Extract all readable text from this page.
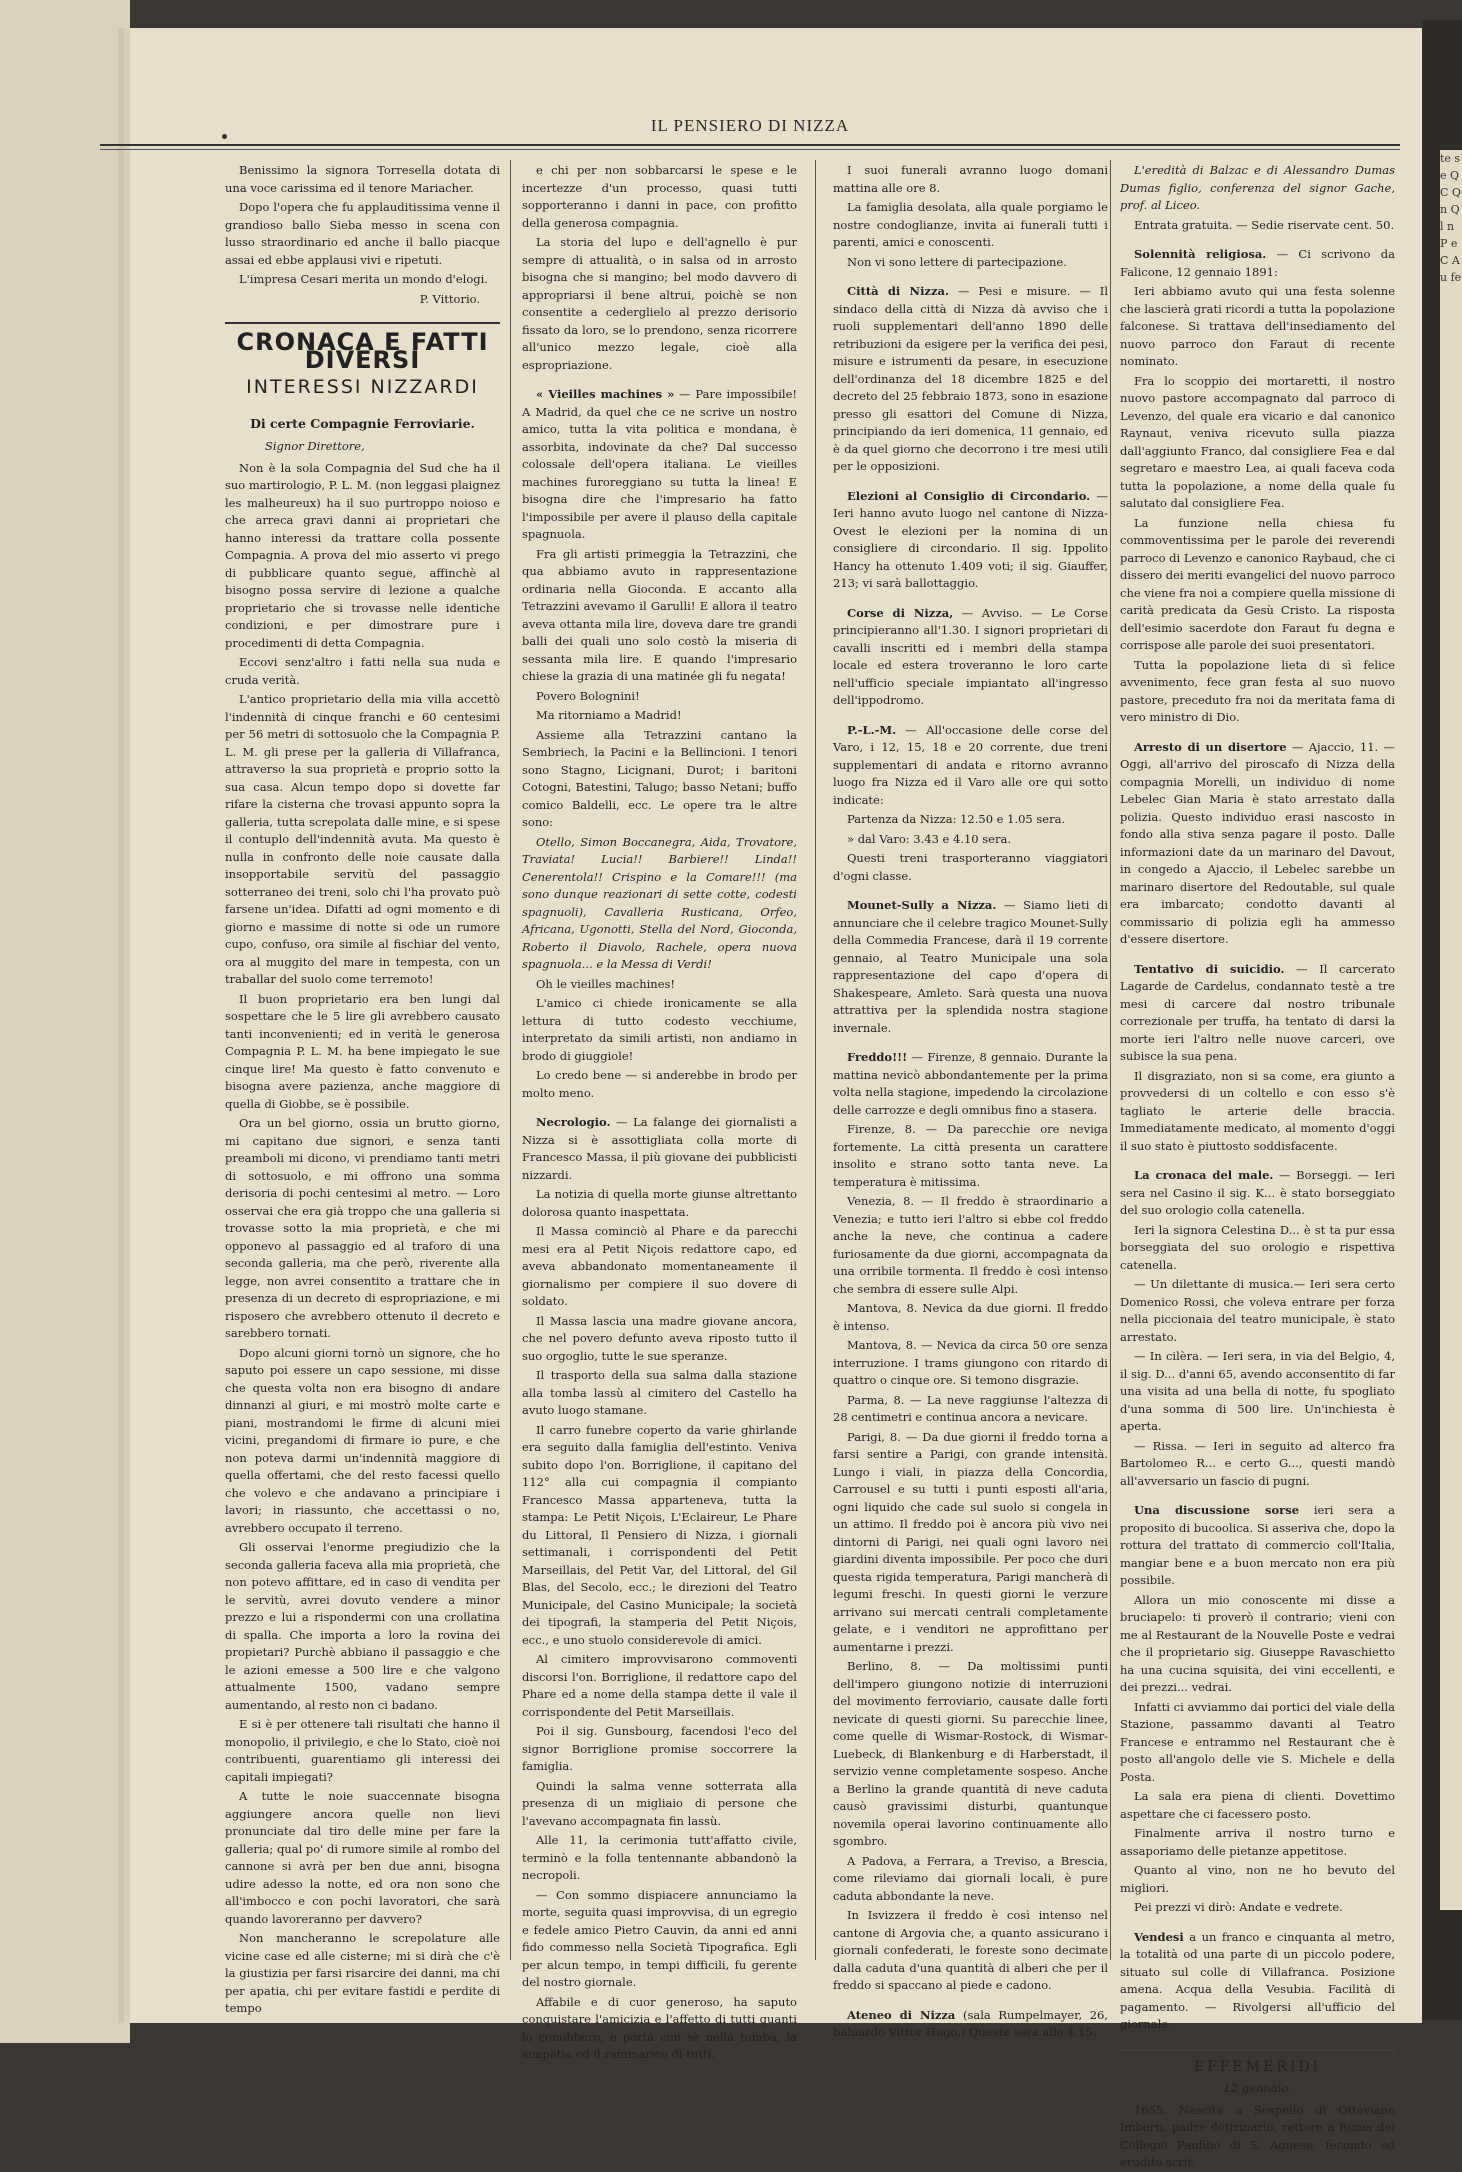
te s e Q C Q n Q l n P e C A u fe
IL PENSIERO DI NIZZA

Benissimo la signora Torresella dotata di una voce carissima ed il tenore Mariacher.

Dopo l'opera che fu applauditissima venne il grandioso ballo Sieba messo in scena con lusso straordinario ed anche il ballo piacque assai ed ebbe applausi vivi e ripetuti.

L'impresa Cesari merita un mondo d'elogi.

P. Vittorio.
CRONACA E FATTI DIVERSI
INTERESSI NIZZARDI
Di certe Compagnie Ferroviarie.
Signor Direttore,

Non è la sola Compagnia del Sud che ha il suo martirologio, P. L. M. (non leggasi plaignez les malheureux) ha il suo purtroppo noioso e che arreca gravi danni ai proprietari che hanno interessi da trattare colla possente Compagnia. A prova del mio asserto vi prego di pubblicare quanto segue, affinchè al bisogno possa servire di lezione a qualche proprietario che si trovasse nelle identiche condizioni, e per dimostrare pure i procedimenti di detta Compagnia.

Eccovi senz'altro i fatti nella sua nuda e cruda verità.

L'antico proprietario della mia villa accettò l'indennità di cinque franchi e 60 centesimi per 56 metri di sottosuolo che la Compagnia P. L. M. gli prese per la galleria di Villafranca, attraverso la sua proprietà e proprio sotto la sua casa. Alcun tempo dopo si dovette far rifare la cisterna che trovasi appunto sopra la galleria, tutta screpolata dalle mine, e si spese il contuplo dell'indennità avuta. Ma questo è nulla in confronto delle noie causate dalla insopportabile servitù del passaggio sotterraneo dei treni, solo chi l'ha provato può farsene un'idea. Difatti ad ogni momento e di giorno e massime di notte si ode un rumore cupo, confuso, ora simile al fischiar del vento, ora al muggito del mare in tempesta, con un traballar del suolo come terremoto!

Il buon proprietario era ben lungi dal sospettare che le 5 lire gli avrebbero causato tanti inconvenienti; ed in verità le generosa Compagnia P. L. M. ha bene impiegato le sue cinque lire! Ma questo è fatto convenuto e bisogna avere pazienza, anche maggiore di quella di Giobbe, se è possibile.

Ora un bel giorno, ossia un brutto giorno, mi capitano due signori, e senza tanti preamboli mi dicono, vi prendiamo tanti metri di sottosuolo, e mi offrono una somma derisoria di pochi centesimi al metro. — Loro osservai che era già troppo che una galleria si trovasse sotto la mia proprietà, e che mi opponevo al passaggio ed al traforo di una seconda galleria, ma che però, riverente alla legge, non avrei consentito a trattare che in presenza di un decreto di espropriazione, e mi risposero che avrebbero ottenuto il decreto e sarebbero tornati.

Dopo alcuni giorni tornò un signore, che ho saputo poi essere un capo sessione, mi disse che questa volta non era bisogno di andare dinnanzi al giuri, e mi mostrò molte carte e piani, mostrandomi le firme di alcuni miei vicini, pregandomi di firmare io pure, e che non poteva darmi un'indennità maggiore di quella offertami, che del resto facessi quello che volevo e che andavano a principiare i lavori; in riassunto, che accettassi o no, avrebbero occupato il terreno.

Gli osservai l'enorme pregiudizio che la seconda galleria faceva alla mia proprietà, che non potevo affittare, ed in caso di vendita per le servitù, avrei dovuto vendere a minor prezzo e lui a rispondermi con una crollatina di spalla. Che importa a loro la rovina dei propietari? Purchè abbiano il passaggio e che le azioni emesse a 500 lire e che valgono attualmente 1500, vadano sempre aumentando, al resto non ci badano.

E si è per ottenere tali risultati che hanno il monopolio, il privilegio, e che lo Stato, cioè noi contribuenti, guarentiamo gli interessi dei capitali impiegati?

A tutte le noie suaccennate bisogna aggiungere ancora quelle non lievi pronunciate dal tiro delle mine per fare la galleria; qual po' di rumore simile al rombo del cannone si avrà per ben due anni, bisogna udire adesso la notte, ed ora non sono che all'imbocco e con pochi lavoratori, che sarà quando lavoreranno per davvero?

Non mancheranno le screpolature alle vicine case ed alle cisterne; mi si dirà che c'è la giustizia per farsi risarcire dei danni, ma chi per apatia, chi per evitare fastidi e perdite di tempo

e chi per non sobbarcarsi le spese e le incertezze d'un processo, quasi tutti sopporteranno i danni in pace, con profitto della generosa compagnia.

La storia del lupo e dell'agnello è pur sempre di attualità, o in salsa od in arrosto bisogna che si mangino; bel modo davvero di appropriarsi il bene altrui, poichè se non consentite a cederglielo al prezzo derisorio fissato da loro, se lo prendono, senza ricorrere all'unico mezzo legale, cioè alla espropriazione.

« Vieilles machines » — Pare impossibile! A Madrid, da quel che ce ne scrive un nostro amico, tutta la vita politica e mondana, è assorbita, indovinate da che? Dal successo colossale dell'opera italiana. Le vieilles machines furoreggiano su tutta la linea! E bisogna dire che l'impresario ha fatto l'impossibile per avere il plauso della capitale spagnuola.

Fra gli artisti primeggia la Tetrazzini, che qua abbiamo avuto in rappresentazione ordinaria nella Gioconda. E accanto alla Tetrazzini avevamo il Garulli! E allora il teatro aveva ottanta mila lire, doveva dare tre grandi balli dei quali uno solo costò la miseria di sessanta mila lire. E quando l'impresario chiese la grazia di una matinée gli fu negata!

Povero Bolognini!

Ma ritorniamo a Madrid!

Assieme alla Tetrazzini cantano la Sembriech, la Pacini e la Bellincioni. I tenori sono Stagno, Licignani, Durot; i baritoni Cotogni, Batestini, Talugo; basso Netani; buffo comico Baldelli, ecc. Le opere tra le altre sono:

Otello, Simon Boccanegra, Aida, Trovatore, Traviata! Lucia!! Barbiere!! Linda!! Cenerentola!! Crispino e la Comare!!! (ma sono dunque reazionari di sette cotte, codesti spagnuoli), Cavalleria Rusticana, Orfeo, Africana, Ugonotti, Stella del Nord, Gioconda, Roberto il Diavolo, Rachele, opera nuova spagnuola... e la Messa di Verdi!

Oh le vieilles machines!

L'amico ci chiede ironicamente se alla lettura di tutto codesto vecchiume, interpretato da simili artisti, non andiamo in brodo di giuggiole!

Lo credo bene — si anderebbe in brodo per molto meno.

Necrologio. — La falange dei giornalisti a Nizza si è assottigliata colla morte di Francesco Massa, il più giovane dei pubblicisti nizzardi.

La notizia di quella morte giunse altrettanto dolorosa quanto inaspettata.

Il Massa cominciò al Phare e da parecchi mesi era al Petit Niçois redattore capo, ed aveva abbandonato momentaneamente il giornalismo per compiere il suo dovere di soldato.

Il Massa lascia una madre giovane ancora, che nel povero defunto aveva riposto tutto il suo orgoglio, tutte le sue speranze.

Il trasporto della sua salma dalla stazione alla tomba lassù al cimitero del Castello ha avuto luogo stamane.

Il carro funebre coperto da varie ghirlande era seguito dalla famiglia dell'estinto. Veniva subito dopo l'on. Borriglione, il capitano del 112° alla cui compagnia il compianto Francesco Massa apparteneva, tutta la stampa: Le Petit Niçois, L'Eclaireur, Le Phare du Littoral, Il Pensiero di Nizza, i giornali settimanali, i corrispondenti del Petit Marseillais, del Petit Var, del Littoral, del Gil Blas, del Secolo, ecc.; le direzioni del Teatro Municipale, del Casino Municipale; la società dei tipografi, la stamperia del Petit Niçois, ecc., e uno stuolo considerevole di amici.

Al cimitero improvvisarono commoventi discorsi l'on. Borriglione, il redattore capo del Phare ed a nome della stampa dette il vale il corrispondente del Petit Marseillais.

Poi il sig. Gunsbourg, facendosi l'eco del signor Borriglione promise soccorrere la famiglia.

Quindi la salma venne sotterrata alla presenza di un migliaio di persone che l'avevano accompagnata fin lassù.

Alle 11, la cerimonia tutt'affatto civile, terminò e la folla tentennante abbandonò la necropoli.

— Con sommo dispiacere annunciamo la morte, seguita quasi improvvisa, di un egregio e fedele amico Pietro Cauvin, da anni ed anni fido commesso nella Società Tipografica. Egli per alcun tempo, in tempi difficili, fu gerente del nostro giornale.

Affabile e di cuor generoso, ha saputo conquistare l'amicizia e l'affetto di tutti quanti lo conobbero, e porta con sè nella tomba, la simpatia ed il rammarico di tutti.

I suoi funerali avranno luogo domani mattina alle ore 8.

La famiglia desolata, alla quale porgiamo le nostre condoglianze, invita ai funerali tutti i parenti, amici e conoscenti.

Non vi sono lettere di partecipazione.

Città di Nizza. — Pesi e misure. — Il sindaco della città di Nizza dà avviso che i ruoli supplementari dell'anno 1890 delle retribuzioni da esigere per la verifica dei pesi, misure e istrumenti da pesare, in esecuzione dell'ordinanza del 18 dicembre 1825 e del decreto del 25 febbraio 1873, sono in esazione presso gli esattori del Comune di Nizza, principiando da ieri domenica, 11 gennaio, ed è da quel giorno che decorrono i tre mesi utili per le opposizioni.

Elezioni al Consiglio di Circondario. — Ieri hanno avuto luogo nel cantone di Nizza-Ovest le elezioni per la nomina di un consigliere di circondario. Il sig. Ippolito Hancy ha ottenuto 1.409 voti; il sig. Giauffer, 213; vi sarà ballottaggio.

Corse di Nizza, — Avviso. — Le Corse principieranno all'1.30. I signori proprietari di cavalli inscritti ed i membri della stampa locale ed estera troveranno le loro carte nell'ufficio speciale impiantato all'ingresso dell'ippodromo.

P.-L.-M. — All'occasione delle corse del Varo, i 12, 15, 18 e 20 corrente, due treni supplementari di andata e ritorno avranno luogo fra Nizza ed il Varo alle ore qui sotto indicate:

Partenza da Nizza: 12.50 e 1.05 sera.

» dal Varo: 3.43 e 4.10 sera.

Questi treni trasporteranno viaggiatori d'ogni classe.

Mounet-Sully a Nizza. — Siamo lieti di annunciare che il celebre tragico Mounet-Sully della Commedia Francese, darà il 19 corrente gennaio, al Teatro Municipale una sola rappresentazione del capo d'opera di Shakespeare, Amleto. Sarà questa una nuova attrattiva per la splendida nostra stagione invernale.

Freddo!!! — Firenze, 8 gennaio. Durante la mattina nevicò abbondantemente per la prima volta nella stagione, impedendo la circolazione delle carrozze e degli omnibus fino a stasera.

Firenze, 8. — Da parecchie ore neviga fortemente. La città presenta un carattere insolito e strano sotto tanta neve. La temperatura è mitissima.

Venezia, 8. — Il freddo è straordinario a Venezia; e tutto ieri l'altro si ebbe col freddo anche la neve, che continua a cadere furiosamente da due giorni, accompagnata da una orribile tormenta. Il freddo è così intenso che sembra di essere sulle Alpi.

Mantova, 8. Nevica da due giorni. Il freddo è intenso.

Mantova, 8. — Nevica da circa 50 ore senza interruzione. I trams giungono con ritardo di quattro o cinque ore. Si temono disgrazie.

Parma, 8. — La neve raggiunse l'altezza di 28 centimetri e continua ancora a nevicare.

Parigi, 8. — Da due giorni il freddo torna a farsi sentire a Parigi, con grande intensità. Lungo i viali, in piazza della Concordia, Carrousel e su tutti i punti esposti all'aria, ogni liquido che cade sul suolo si congela in un attimo. Il freddo poi è ancora più vivo nei dintorni di Parigi, nei quali ogni lavoro nei giardini diventa impossibile. Per poco che duri questa rigida temperatura, Parigi mancherà di legumi freschi. In questi giorni le verzure arrivano sui mercati centrali completamente gelate, e i venditori ne approfittano per aumentarne i prezzi.

Berlino, 8. — Da moltissimi punti dell'impero giungono notizie di interruzioni del movimento ferroviario, causate dalle forti nevicate di questi giorni. Su parecchie linee, come quelle di Wismar-Rostock, di Wismar-Luebeck, di Blankenburg e di Harberstadt, il servizio venne completamente sospeso. Anche a Berlino la grande quantità di neve caduta causò gravissimi disturbi, quantunque novemila operai lavorino continuamente allo sgombro.

A Padova, a Ferrara, a Treviso, a Brescia, come rileviamo dai giornali locali, è pure caduta abbondante la neve.

In Isvizzera il freddo è così intenso nel cantone di Argovia che, a quanto assicurano i giornali confederati, le foreste sono decimate dalla caduta d'una quantità di alberi che per il freddo si spaccano al piede e cadono.

Ateneo di Nizza (sala Rumpelmayer, 26, baluardo Vittor Hugo.) Questa sera alle 4,15:

L'eredità di Balzac e di Alessandro Dumas Dumas figlio, conferenza del signor Gache, prof. al Liceo.

Entrata gratuita. — Sedie riservate cent. 50.

Solennità religiosa. — Ci scrivono da Falicone, 12 gennaio 1891:

Ieri abbiamo avuto qui una festa solenne che lascierà grati ricordi a tutta la popolazione falconese. Si trattava dell'insediamento del nuovo parroco don Faraut di recente nominato.

Fra lo scoppio dei mortaretti, il nostro nuovo pastore accompagnato dal parroco di Levenzo, del quale era vicario e dal canonico Raynaut, veniva ricevuto sulla piazza dall'aggiunto Franco, dal consigliere Fea e dal segretaro e maestro Lea, ai quali faceva coda tutta la popolazione, a nome della quale fu salutato dal consigliere Fea.

La funzione nella chiesa fu commoventissima per le parole dei reverendi parroco di Levenzo e canonico Raybaud, che ci dissero dei meriti evangelici del nuovo parroco che viene fra noi a compiere quella missione di carità predicata da Gesù Cristo. La risposta dell'esimio sacerdote don Faraut fu degna e corrispose alle parole dei suoi presentatori.

Tutta la popolazione lieta di sì felice avvenimento, fece gran festa al suo nuovo pastore, preceduto fra noi da meritata fama di vero ministro di Dio.

Arresto di un disertore — Ajaccio, 11. — Oggi, all'arrivo del piroscafo di Nizza della compagnia Morelli, un individuo di nome Lebelec Gian Maria è stato arrestato dalla polizia. Questo individuo erasi nascosto in fondo alla stiva senza pagare il posto. Dalle informazioni date da un marinaro del Davout, in congedo a Ajaccio, il Lebelec sarebbe un marinaro disertore del Redoutable, sul quale era imbarcato; condotto davanti al commissario di polizia egli ha ammesso d'essere disertore.

Tentativo di suicidio. — Il carcerato Lagarde de Cardelus, condannato testè a tre mesi di carcere dal nostro tribunale correzionale per truffa, ha tentato di darsi la morte ieri l'altro nelle nuove carceri, ove subisce la sua pena.

Il disgraziato, non si sa come, era giunto a provvedersi di un coltello e con esso s'è tagliato le arterie delle braccia. Immediatamente medicato, al momento d'oggi il suo stato è piuttosto soddisfacente.

La cronaca del male. — Borseggi. — Ieri sera nel Casino il sig. K... è stato borseggiato del suo orologio colla catenella.

Ieri la signora Celestina D... è st ta pur essa borseggiata del suo orologio e rispettiva catenella.

— Un dilettante di musica.— Ieri sera certo Domenico Rossi, che voleva entrare per forza nella piccionaia del teatro municipale, è stato arrestato.

— In cilèra. — Ieri sera, in via del Belgio, 4, il sig. D... d'anni 65, avendo acconsentito di far una visita ad una bella di notte, fu spogliato d'una somma di 500 lire. Un'inchiesta è aperta.

— Rissa. — Ieri in seguito ad alterco fra Bartolomeo R... e certo G..., questi mandò all'avversario un fascio di pugni.

Una discussione sorse ieri sera a proposito di bucoolica. Si asseriva che, dopo la rottura del trattato di commercio coll'Italia, mangiar bene e a buon mercato non era più possibile.

Allora un mio conoscente mi disse a bruciapelo: ti proverò il contrario; vieni con me al Restaurant de la Nouvelle Poste e vedrai che il proprietario sig. Giuseppe Ravaschietto ha una cucina squisita, dei vini eccellenti, e dei prezzi... vedrai.

Infatti ci avviammo dai portici del viale della Stazione, passammo davanti al Teatro Francese e entrammo nel Restaurant che è posto all'angolo delle vie S. Michele e della Posta.

La sala era piena di clienti. Dovettimo aspettare che ci facessero posto.

Finalmente arriva il nostro turno e assaporiamo delle pietanze appetitose.

Quanto al vino, non ne ho bevuto del migliori.

Pei prezzi vi dirò: Andate e vedrete.

Vendesi a un franco e cinquanta al metro, la totalità od una parte di un piccolo podere, situato sul colle di Villafranca. Posizione amena. Acqua della Vesubia. Facilità di pagamento. — Rivolgersi all'ufficio del giornale.

EFFEMERIDI
12 gennaio.

1655. Nascita a Sospello di Ottaviano Imberti, padre dottrinario, rettore a Roma del Collegio Panfilio di S. Agnese, fecondo ed erudito scrit-
